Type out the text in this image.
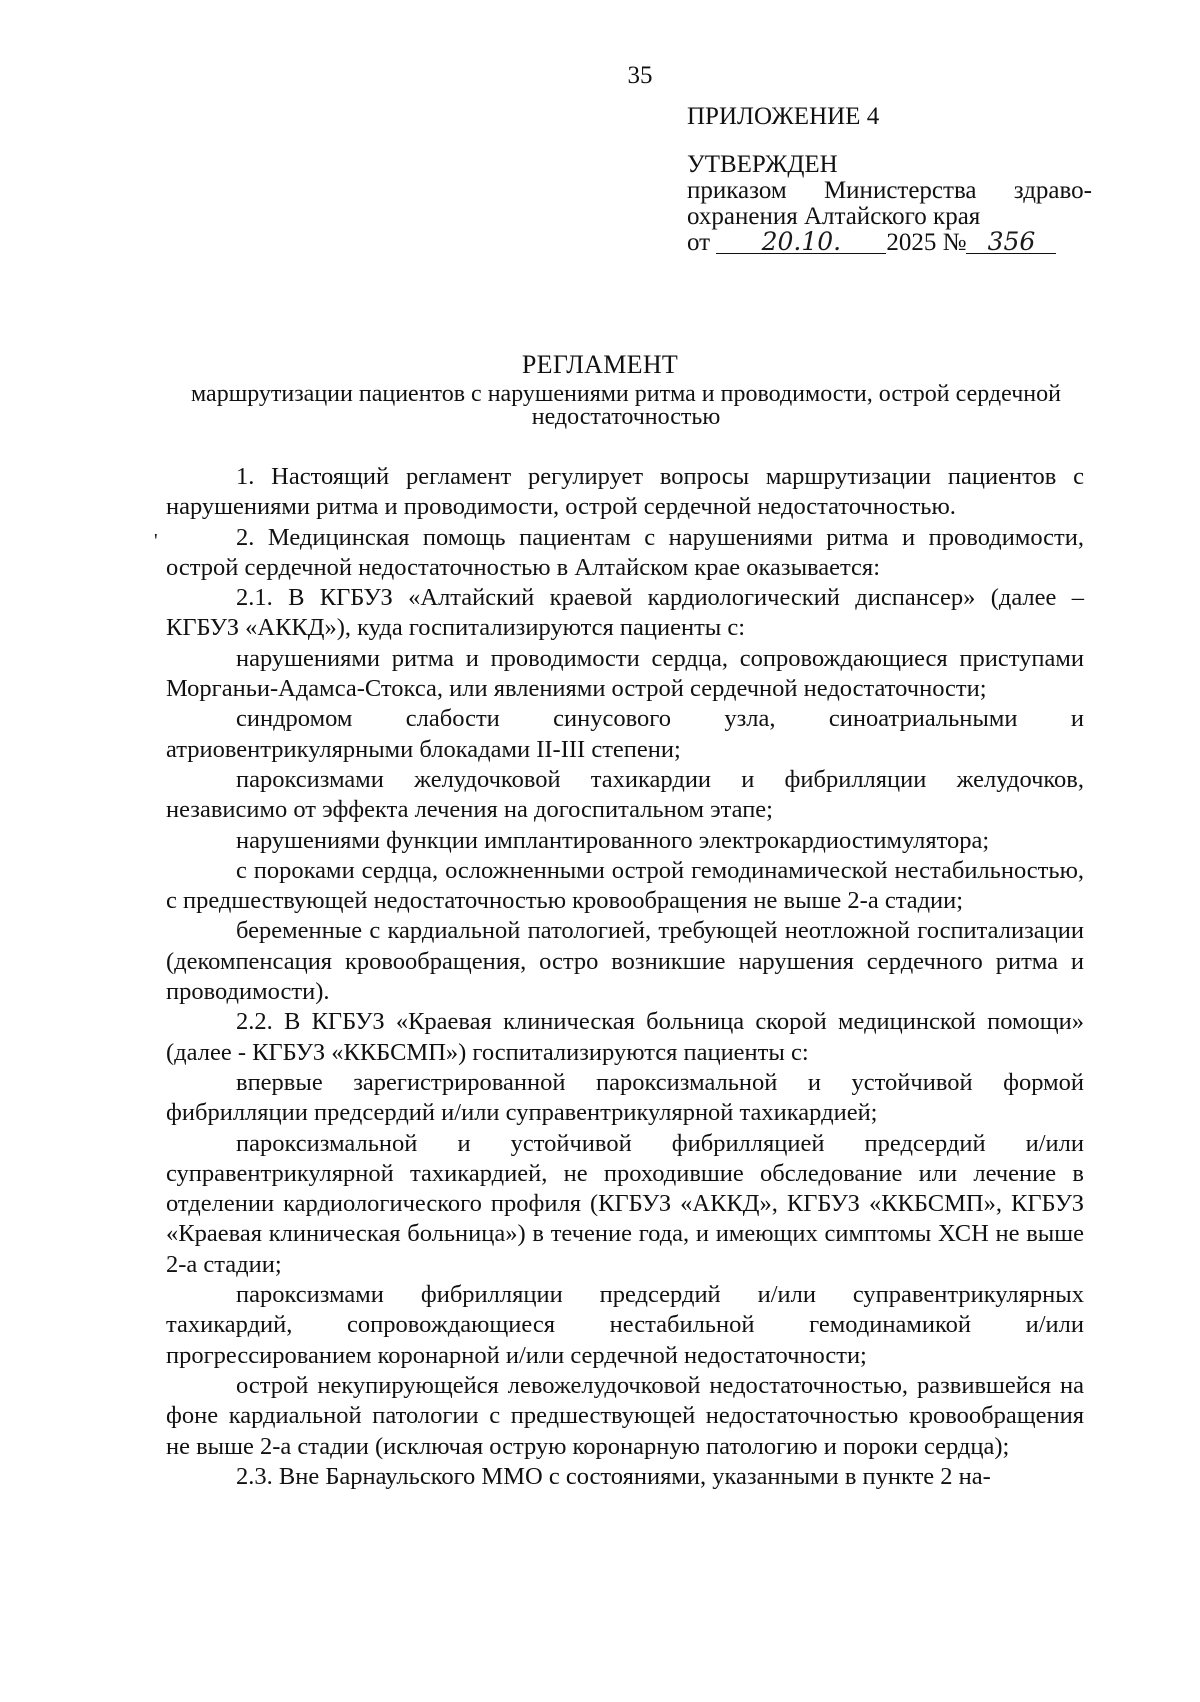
35
ПРИЛОЖЕНИЕ 4
УТВЕРЖДЕН
приказом Министерства здраво-
охранения Алтайского края
от
	20.10.	2025
№ 356
РЕГЛАМЕНТ
маршрутизации пациентов с нарушениями ритма и проводимости, острой сердечной недостаточностью
'

1. Настоящий регламент регулирует вопросы маршрутизации пациентов с нарушениями ритма и проводимости, острой сердечной недостаточностью.

2. Медицинская помощь пациентам с нарушениями ритма и проводимости, острой сердечной недостаточностью в Алтайском крае оказывается:

2.1. В КГБУЗ «Алтайский краевой кардиологический диспансер» (далее – КГБУЗ «АККД»), куда госпитализируются пациенты с:

нарушениями ритма и проводимости сердца, сопровождающиеся приступами Морганьи-Адамса-Стокса, или явлениями острой сердечной недостаточности;

синдромом слабости синусового узла, синоатриальными и атриовентрикулярными блокадами II-III степени;

пароксизмами желудочковой тахикардии и фибрилляции желудочков, независимо от эффекта лечения на догоспитальном этапе;

нарушениями функции имплантированного электрокардиостимулятора;

с пороками сердца, осложненными острой гемодинамической нестабильностью, с предшествующей недостаточностью кровообращения не выше 2-а стадии;

беременные с кардиальной патологией, требующей неотложной госпитализации (декомпенсация кровообращения, остро возникшие нарушения сердечного ритма и проводимости).

2.2. В КГБУЗ «Краевая клиническая больница скорой медицинской помощи» (далее - КГБУЗ «ККБСМП») госпитализируются пациенты с:

впервые зарегистрированной пароксизмальной и устойчивой формой фибрилляции предсердий и/или суправентрикулярной тахикардией;

пароксизмальной и устойчивой фибрилляцией предсердий и/или суправентрикулярной тахикардией, не проходившие обследование или лечение в отделении кардиологического профиля (КГБУЗ «АККД», КГБУЗ «ККБСМП», КГБУЗ «Краевая клиническая больница») в течение года, и имеющих симптомы ХСН не выше 2-а стадии;

пароксизмами фибрилляции предсердий и/или суправентрикулярных тахикардий, сопровождающиеся нестабильной гемодинамикой и/или прогрессированием коронарной и/или сердечной недостаточности;

острой некупирующейся левожелудочковой недостаточностью, развившейся на фоне кардиальной патологии с предшествующей недостаточностью кровообращения не выше 2-а стадии (исключая острую коронарную патологию и пороки сердца);

2.3. Вне Барнаульского ММО с состояниями, указанными в пункте 2 на-
